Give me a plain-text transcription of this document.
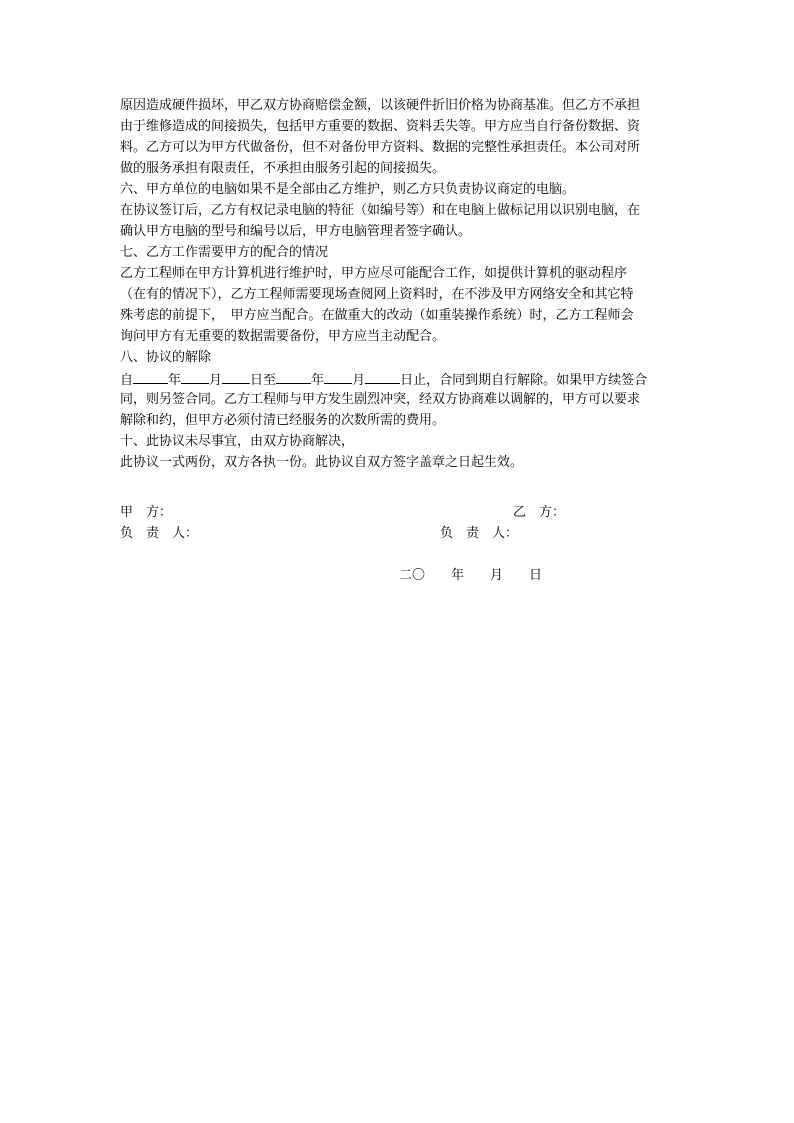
原因造成硬件损坏，甲乙双方协商赔偿金额，以该硬件折旧价格为协商基准。但乙方不承担
由于维修造成的间接损失，包括甲方重要的数据、资料丢失等。甲方应当自行备份数据、资
料。乙方可以为甲方代做备份，但不对备份甲方资料、数据的完整性承担责任。本公司对所
做的服务承担有限责任，不承担由服务引起的间接损失。
六、甲方单位的电脑如果不是全部由乙方维护，则乙方只负责协议商定的电脑。
在协议签订后，乙方有权记录电脑的特征（如编号等）和在电脑上做标记用以识别电脑，在
确认甲方电脑的型号和编号以后，甲方电脑管理者签字确认。
七、乙方工作需要甲方的配合的情况
乙方工程师在甲方计算机进行维护时，甲方应尽可能配合工作，如提供计算机的驱动程序
（在有的情况下），乙方工程师需要现场查阅网上资料时，在不涉及甲方网络安全和其它特
殊考虑的前提下，　甲方应当配合。在做重大的改动（如重装操作系统）时，乙方工程师会
询问甲方有无重要的数据需要备份，甲方应当主动配合。
八、协议的解除
自	年 月 日至	年 月	日止，合同到期自行解除。如果甲方续签合
同，则另签合同。乙方工程师与甲方发生剧烈冲突，经双方协商难以调解的，甲方可以要求
解除和约，但甲方必须付清已经服务的次数所需的费用。
十、此协议未尽事宜，由双方协商解决，
此协议一式两份，双方各执一份。此协议自双方签字盖章之日起生效。
甲　方：	乙　方：
负　责　人：	负　责　人：
二〇　　年　　月　　日
